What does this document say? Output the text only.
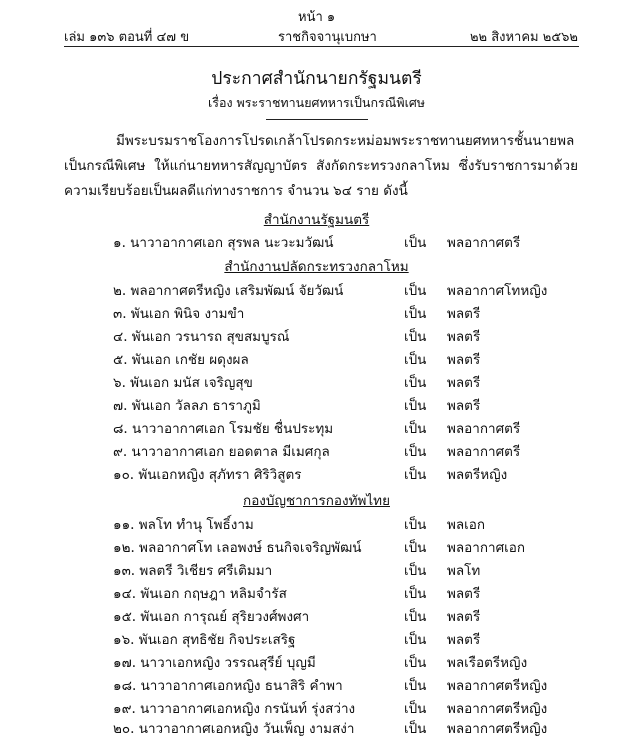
หน้า ๑
เล่ม ๑๓๖ ตอนที่ ๔๗ ข	ราชกิจจานุเบกษา	๒๒ สิงหาคม ๒๕๖๒
ประกาศสำนักนายกรัฐมนตรี
เรื่อง พระราชทานยศทหารเป็นกรณีพิเศษ
มีพระบรมราชโองการโปรดเกล้าโปรดกระหม่อมพระราชทานยศทหารชั้นนายพลเป็นกรณีพิเศษ ให้แก่นายทหารสัญญาบัตร สังกัดกระทรวงกลาโหม ซึ่งรับราชการมาด้วยความเรียบร้อยเป็นผลดีแก่ทางราชการ จำนวน ๖๔ ราย ดังนี้
สำนักงานรัฐมนตรี
๑. นาวาอากาศเอก สุรพล นะวะมวัฒน์	เป็น พลอากาศตรี
สำนักงานปลัดกระทรวงกลาโหม
๒. พลอากาศตรีหญิง เสริมพัฒน์ จัยวัฒน์	เป็น พลอากาศโทหญิง
๓. พันเอก พินิจ งามขำ	เป็น พลตรี
๔. พันเอก วรนารถ สุขสมบูรณ์	เป็น พลตรี
๕. พันเอก เกชัย ผดุงผล	เป็น พลตรี
๖. พันเอก มนัส เจริญสุข	เป็น พลตรี
๗. พันเอก วัลลภ ธาราภูมิ	เป็น พลตรี
๘. นาวาอากาศเอก โรมชัย ชื่นประทุม	เป็น พลอากาศตรี
๙. นาวาอากาศเอก ยอดตาล มีเมศกุล	เป็น พลอากาศตรี
๑๐. พันเอกหญิง สุภัทรา ศิริวิสูตร	เป็น พลตรีหญิง
กองบัญชาการกองทัพไทย
๑๑. พลโท ทำนุ โพธิ์งาม	เป็น พลเอก
๑๒. พลอากาศโท เลอพงษ์ ธนกิจเจริญพัฒน์	เป็น พลอากาศเอก
๑๓. พลตรี วิเชียร ศรีเติมมา	เป็น พลโท
๑๔. พันเอก กฤษฎา หลิมจำรัส	เป็น พลตรี
๑๕. พันเอก การุณย์ สุริยวงศ์พงศา	เป็น พลตรี
๑๖. พันเอก สุทธิชัย กิจประเสริฐ	เป็น พลตรี
๑๗. นาวาเอกหญิง วรรณสุรีย์ บุญมี	เป็น พลเรือตรีหญิง
๑๘. นาวาอากาศเอกหญิง ธนาสิริ คำพา	เป็น พลอากาศตรีหญิง
๑๙. นาวาอากาศเอกหญิง กรนันท์ รุ่งสว่าง	เป็น พลอากาศตรีหญิง
๒๐. นาวาอากาศเอกหญิง วันเพ็ญ งามสง่า	เป็น พลอากาศตรีหญิง
